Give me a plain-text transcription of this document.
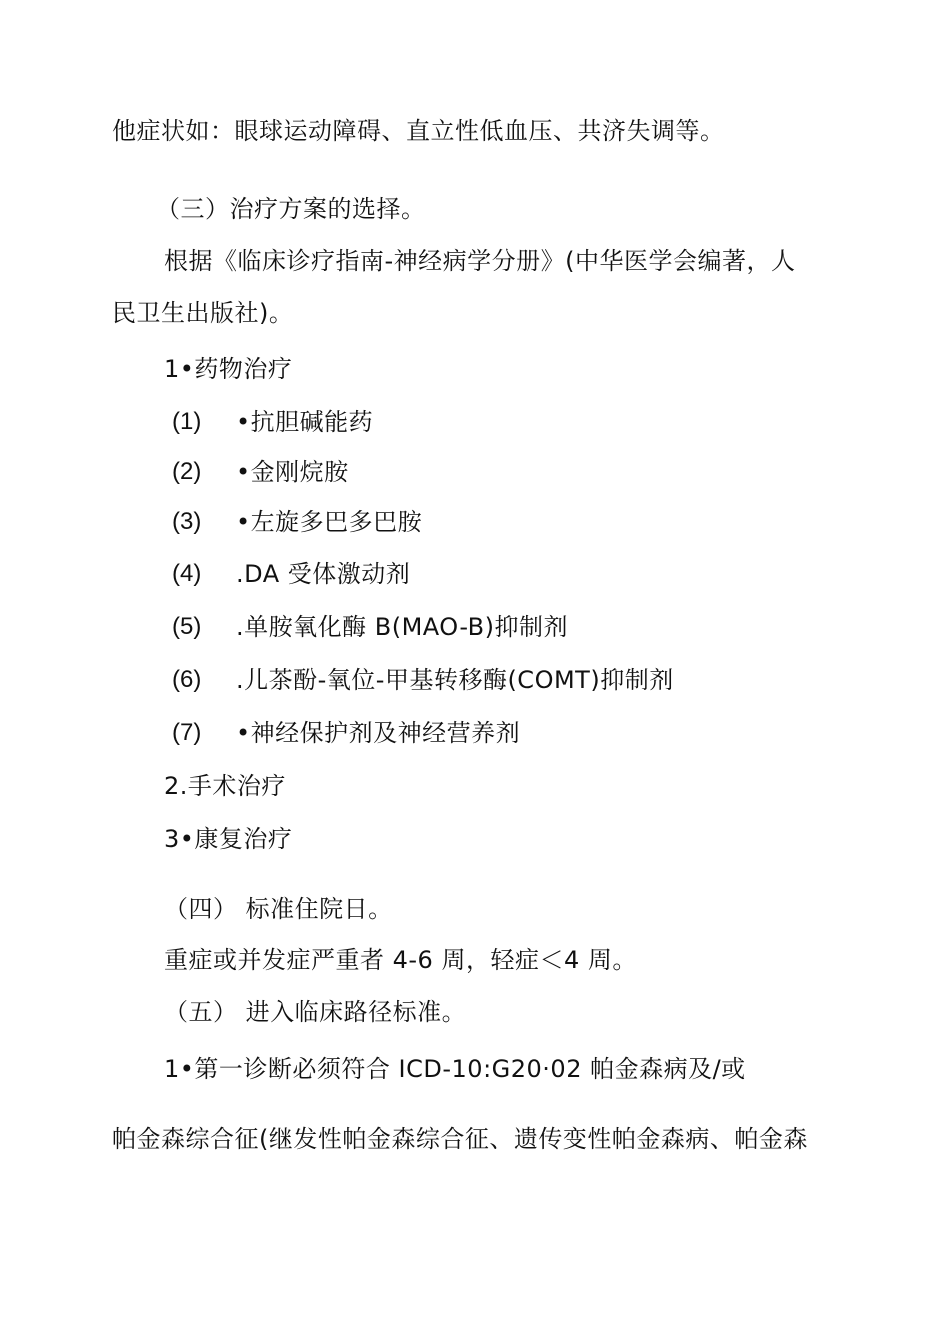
他症状如：眼球运动障碍、直立性低血压、共济失调等。
（三）治疗方案的选择。
根据《临床诊疗指南-神经病学分册》(中华医学会编著，人
民卫生出版社)。
1•药物治疗
(1) •抗胆碱能药
(2) •金刚烷胺
(3) •左旋多巴多巴胺
(4) .DA 受体激动剂
(5) .单胺氧化酶 B(MAO-B)抑制剂
(6) .儿茶酚-氧位-甲基转移酶(COMT)抑制剂
(7) •神经保护剂及神经营养剂
2.手术治疗
3•康复治疗
（四） 标准住院日。
重症或并发症严重者 4-6 周，轻症＜4 周。
（五） 进入临床路径标准。
1•第一诊断必须符合 ICD-10:G20·02 帕金森病及/或
帕金森综合征(继发性帕金森综合征、遗传变性帕金森病、帕金森
